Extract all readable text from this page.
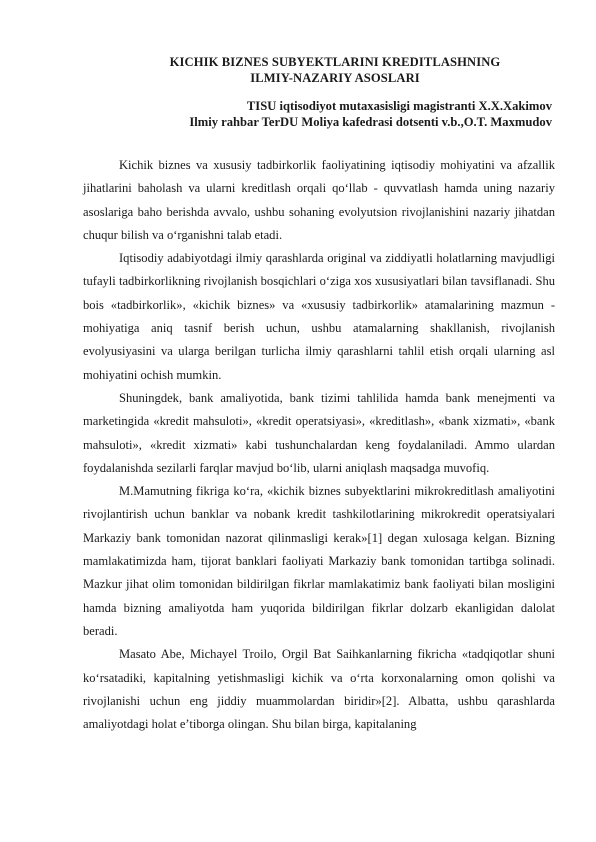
KICHIK BIZNES SUBYEKTLARINI KREDITLASHNING
ILMIY-NAZARIY ASOSLARI
TISU iqtisodiyot mutaxasisligi magistranti X.X.Xakimov
Ilmiy rahbar TerDU Moliya kafedrasi dotsenti v.b.,O.T. Maxmudov

Kichik biznes va xususiy tadbirkorlik faoliyatining iqtisodiy mohiyatini va afzallik jihatlarini baholash va ularni kreditlash orqali qo‘llab - quvvatlash hamda uning nazariy asoslariga baho berishda avvalo, ushbu sohaning evolyutsion rivojlanishini nazariy jihatdan chuqur bilish va o‘rganishni talab etadi.

Iqtisodiy adabiyotdagi ilmiy qarashlarda original va ziddiyatli holatlarning mavjudligi tufayli tadbirkorlikning rivojlanish bosqichlari o‘ziga xos xususiyatlari bilan tavsiflanadi. Shu bois «tadbirkorlik», «kichik biznes» va «xususiy tadbirkorlik» atamalarining mazmun - mohiyatiga aniq tasnif berish uchun, ushbu atamalarning shakllanish, rivojlanish evolyusiyasini va ularga berilgan turlicha ilmiy qarashlarni tahlil etish orqali ularning asl mohiyatini ochish mumkin.

Shuningdek, bank amaliyotida, bank tizimi tahlilida hamda bank menejmenti va marketingida «kredit mahsuloti», «kredit operatsiyasi», «kreditlash», «bank xizmati», «bank mahsuloti», «kredit xizmati» kabi tushunchalardan keng foydalaniladi. Ammo ulardan foydalanishda sezilarli farqlar mavjud bo‘lib, ularni aniqlash maqsadga muvofiq.

M.Mamutning fikriga ko‘ra, «kichik biznes subyektlarini mikrokreditlash amaliyotini rivojlantirish uchun banklar va nobank kredit tashkilotlarining mikrokredit operatsiyalari Markaziy bank tomonidan nazorat qilinmasligi kerak»[1] degan xulosaga kelgan. Bizning mamlakatimizda ham, tijorat banklari faoliyati Markaziy bank tomonidan tartibga solinadi. Mazkur jihat olim tomonidan bildirilgan fikrlar mamlakatimiz bank faoliyati bilan mosligini hamda bizning amaliyotda ham yuqorida bildirilgan fikrlar dolzarb ekanligidan dalolat beradi.

Masato Abe, Michayel Troilo, Orgil Bat Saihkanlarning fikricha «tadqiqotlar shuni ko‘rsatadiki, kapitalning yetishmasligi kichik va o‘rta korxonalarning omon qolishi va rivojlanishi uchun eng jiddiy muammolardan biridir»[2]. Albatta, ushbu qarashlarda amaliyotdagi holat e’tiborga olingan. Shu bilan birga, kapitalaning
